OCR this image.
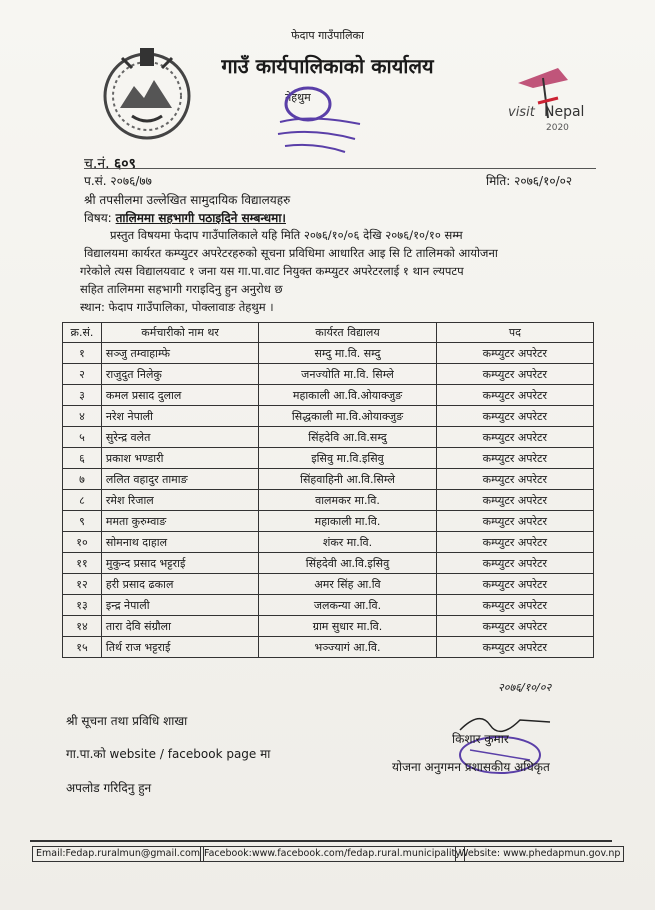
फेदाप गाउँपालिका
गाउँ कार्यपालिकाको कार्यालय
तेहथुम
visit Nepal
2020
च.नं. ६०९
प.सं. २०७६/७७	मिति: २०७६/१०/०२
श्री तपसीलमा उल्लेखित सामुदायिक विद्यालयहरु
विषय: तालिममा सहभागी पठाइदिने सम्बन्धमा।
प्रस्तुत विषयमा फेदाप गाउँपालिकाले यहि मिति २०७६/१०/०६ देखि २०७६/१०/१० सम्म
विद्यालयमा कार्यरत कम्प्युटर अपरेटरहरुको सूचना प्रविधिमा आधारित आइ सि टि तालिमको आयोजना
गरेकोले त्यस विद्यालयवाट १ जना यस गा.पा.वाट नियुक्त कम्प्युटर अपरेटरलाई १ थान ल्यपटप
सहित तालिममा सहभागी गराइदिनु हुन अनुरोध छ
स्थान: फेदाप गाउँपालिका, पोक्लावाङ तेहथुम ।
क्र.सं.	कर्मचारीको नाम थर	कार्यरत विद्यालय	पद
१	सञ्जु तम्वाहाम्फे	सम्दु मा.वि. सम्दु	कम्प्युटर अपरेटर
२	राजुदुत निलेकु	जनज्योति मा.वि. सिम्ले	कम्प्युटर अपरेटर
३	कमल प्रसाद दुलाल	महाकाली आ.वि.ओयाक्जुङ	कम्प्युटर अपरेटर
४	नरेश नेपाली	सिद्धकाली मा.वि.ओयाक्जुङ	कम्प्युटर अपरेटर
५	सुरेन्द्र वलेत	सिंहदेवि आ.वि.सम्दु	कम्प्युटर अपरेटर
६	प्रकाश भण्डारी	इसिवु मा.वि.इसिवु	कम्प्युटर अपरेटर
७	ललित वहादुर तामाङ	सिंहवाहिनी आ.वि.सिम्ले	कम्प्युटर अपरेटर
८	रमेश रिजाल	वालमकर मा.वि.	कम्प्युटर अपरेटर
९	ममता कुरुम्वाङ	महाकाली मा.वि.	कम्प्युटर अपरेटर
१०	सोमनाथ दाहाल	शंकर मा.वि.	कम्प्युटर अपरेटर
११	मुकुन्द प्रसाद भट्टराई	सिंहदेवी आ.वि.इसिवु	कम्प्युटर अपरेटर
१२	हरी प्रसाद ढकाल	अमर सिंह आ.वि	कम्प्युटर अपरेटर
१३	इन्द्र नेपाली	जलकन्या आ.वि.	कम्प्युटर अपरेटर
१४	तारा देवि संग्रौला	ग्राम सुधार मा.वि.	कम्प्युटर अपरेटर
१५	तिर्थ राज भट्टराई	भञ्ज्यागं आ.वि.	कम्प्युटर अपरेटर
श्री सूचना तथा प्रविधि शाखा
गा.पा.को website / facebook page मा
अपलोड गरिदिनु हुन
२०७६/१०/०२
किशार कुमार
योजना अनुगमन प्रशासकीय अधिकृत
Email:Fedap.ruralmun@gmail.com Facebook:www.facebook.com/fedap.rural.municipality
Website: www.phedapmun.gov.np
